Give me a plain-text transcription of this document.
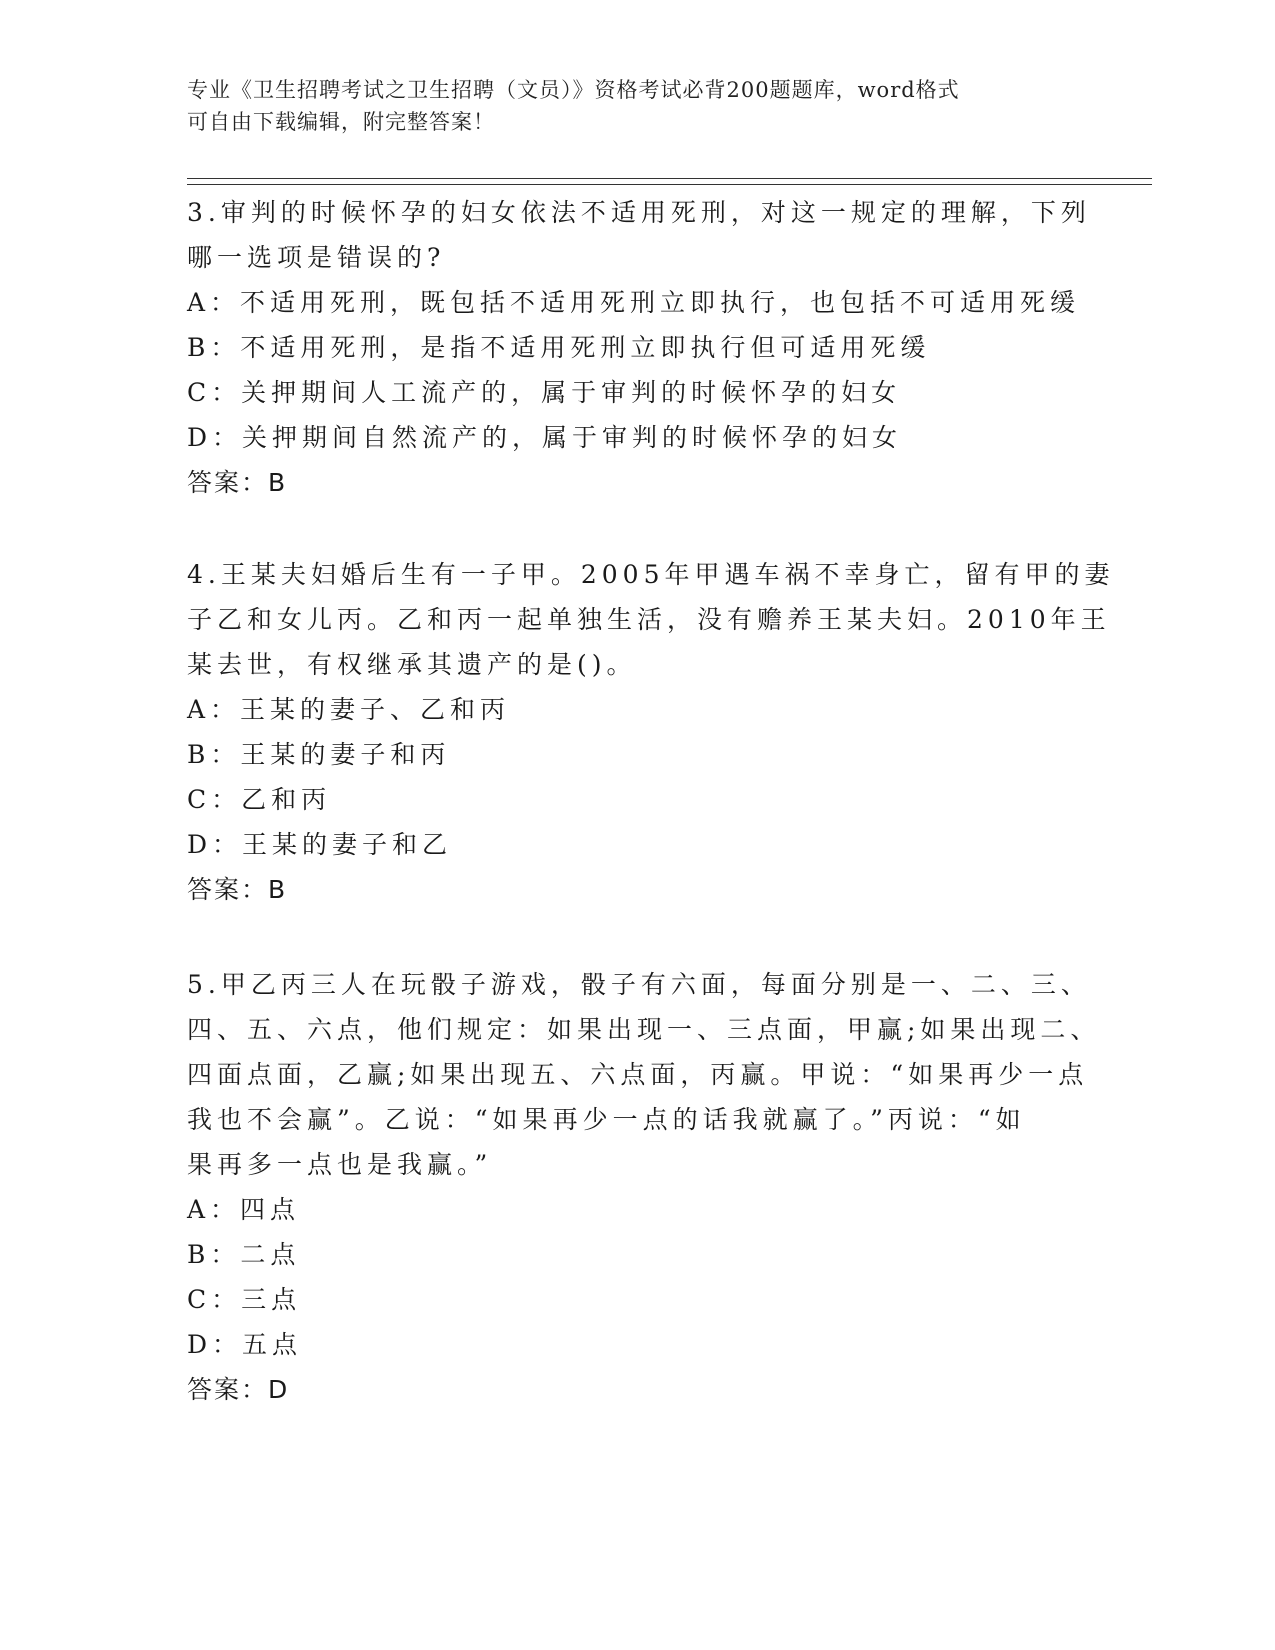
专业《卫生招聘考试之卫生招聘（文员）》资格考试必背200题题库，word格式
可自由下载编辑，附完整答案！
3.审判的时候怀孕的妇女依法不适用死刑，对这一规定的理解，下列
哪一选项是错误的?
A：不适用死刑，既包括不适用死刑立即执行，也包括不可适用死缓
B：不适用死刑，是指不适用死刑立即执行但可适用死缓
C：关押期间人工流产的，属于审判的时候怀孕的妇女
D：关押期间自然流产的，属于审判的时候怀孕的妇女
答案：B
4.王某夫妇婚后生有一子甲。2005年甲遇车祸不幸身亡，留有甲的妻
子乙和女儿丙。乙和丙一起单独生活，没有赡养王某夫妇。2010年王
某去世，有权继承其遗产的是()。
A：王某的妻子、乙和丙
B：王某的妻子和丙
C：乙和丙
D：王某的妻子和乙
答案：B
5.甲乙丙三人在玩骰子游戏，骰子有六面，每面分别是一、二、三、
四、五、六点，他们规定：如果出现一、三点面，甲赢;如果出现二、
四面点面，乙赢;如果出现五、六点面，丙赢。甲说：“如果再少一点
我也不会赢”。乙说：“如果再少一点的话我就赢了。”丙说：“如
果再多一点也是我赢。”
A：四点
B：二点
C：三点
D：五点
答案：D
